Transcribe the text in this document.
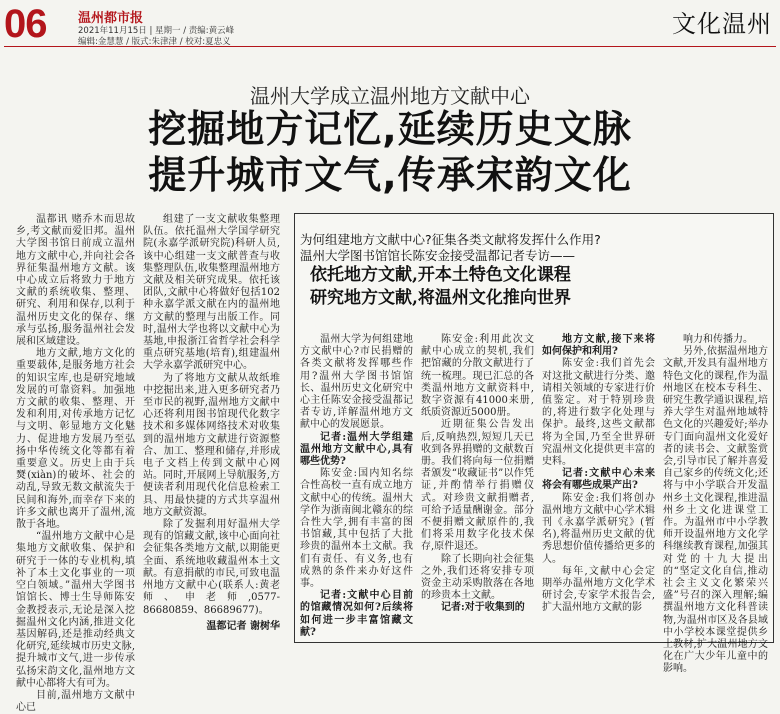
06 温州都市报
2021年11月15日 | 星期一 / 责编:黄云峰
编辑:金慧慧 / 版式:朱津津 / 校对:夏忠义
文化温州
温州大学成立温州地方文献中心
挖掘地方记忆,延续历史文脉
提升城市文气,传承宋韵文化

温都讯 赌乔木而思故乡,考文献而爱旧邦。温州大学图书馆日前成立温州地方文献中心,并向社会各界征集温州地方文献。该中心成立后将致力于地方文献的系统收集、整理、研究、利用和保存,以利于温州历史文化的保存、继承与弘扬,服务温州社会发展和区域建设。

地方文献,地方文化的重要载体,是服务地方社会的知识宝库,也是研究地域发展的可靠资料。加强地方文献的收集、整理、开发和利用,对传承地方记忆与文明、彰显地方文化魅力、促进地方发展乃至弘扬中华传统文化等都有着重要意义。历史上由于兵燹(xiàn)的破坏、社会的动乱,导致无数文献流失于民间和海外,而幸存下来的许多文献也离开了温州,流散于各地。

“温州地方文献中心是集地方文献收集、保护和研究于一体的专业机构,填补了本土文化事业的一项空白领域。”温州大学图书馆馆长、博士生导师陈安金教授表示,无论是深入挖掘温州文化内涵,推进文化基因解码,还是推动经典文化研究,延续城市历史文脉,提升城市文气,进一步传承弘扬宋韵文化,温州地方文献中心都将大有可为。

目前,温州地方文献中心已

组建了一支文献收集整理队伍。依托温州大学国学研究院(永嘉学派研究院)科研人员,该中心组建一支文献普查与收集整理队伍,收集整理温州地方文献及相关研究成果。依托该团队,文献中心将做好包括102种永嘉学派文献在内的温州地方文献的整理与出版工作。同时,温州大学也将以文献中心为基地,申报浙江省哲学社会科学重点研究基地(培育),组建温州大学永嘉学派研究中心。

为了将地方文献从故纸堆中挖掘出来,进入更多研究者乃至市民的视野,温州地方文献中心还将利用图书馆现代化数字技术和多媒体网络技术对收集到的温州地方文献进行资源整合、加工、整理和储存,并形成电子文档上传到文献中心网站。同时,开展网上导航服务,方便读者利用现代化信息检索工具、用最快捷的方式共享温州地方文献资源。

除了发掘利用好温州大学现有的馆藏文献,该中心面向社会征集各类地方文献,以期能更全面、系统地收藏温州本土文献。有意捐献的市民,可致电温州地方文献中心(联系人:黄老师、申老师,0577-86680859、86689677)。

温都记者 谢树华
为何组建地方文献中心?征集各类文献将发挥什么作用?
温州大学图书馆馆长陈安金接受温都记者专访——
依托地方文献,开本土特色文化课程
研究地方文献,将温州文化推向世界

温州大学为何组建地方文献中心?市民捐赠的各类文献将发挥哪些作用?温州大学图书馆馆长、温州历史文化研究中心主任陈安金接受温都记者专访,详解温州地方文献中心的发展愿景。

记者:温州大学组建温州地方文献中心,具有哪些优势?

陈安金:国内知名综合性高校一直有成立地方文献中心的传统。温州大学作为浙南闽北赣东的综合性大学,拥有丰富的图书馆藏,其中包括了大批珍贵的温州本土文献。我们有责任、有义务,也有成熟的条件来办好这件事。

记者:文献中心目前的馆藏情况如何?后续将如何进一步丰富馆藏文献?

陈安金:利用此次文献中心成立的契机,我们把馆藏的分散文献进行了统一梳理。现已汇总的各类温州地方文献资料中,数字资源有41000来册,纸质资源近5000册。

近期征集公告发出后,反响热烈,短短几天已收到各界捐赠的文献数百册。我们将向每一位捐赠者颁发“收藏证书”以作凭证,并酌情举行捐赠仪式。对珍贵文献捐赠者,可给予适量酬谢金。部分不便捐赠文献原件的,我们将采用数字化技术保存,原件退还。

除了长期向社会征集之外,我们还将安排专项资金主动采购散落在各地的珍贵本土文献。

记者:对于收集到的

地方文献,接下来将如何保护和利用?

陈安金:我们首先会对这批文献进行分类、邀请相关领域的专家进行价值鉴定。对于特别珍贵的,将进行数字化处理与保护。最终,这些文献都将为全国,乃至全世界研究温州文化提供更丰富的史料。

记者:文献中心未来将会有哪些成果产出?

陈安金:我们将创办温州地方文献中心学术辑刊《永嘉学派研究》(暂名),将温州历史文献的优秀思想价值传播给更多的人。

每年,文献中心会定期举办温州地方文化学术研讨会,专家学术报告会,扩大温州地方文献的影

响力和传播力。

另外,依据温州地方文献,开发具有温州地方特色文化的课程,作为温州地区在校本专科生、研究生教学通识课程,培养大学生对温州地域特色文化的兴趣爱好;举办专门面向温州文化爱好者的读书会、文献鉴赏会,引导市民了解并喜爱自己家乡的传统文化;还将与中小学联合开发温州乡土文化课程,推进温州乡土文化进课堂工作。为温州市中小学教师开设温州地方文化学科继续教育课程,加强其对党的十九大提出的“坚定文化自信,推动社会主义文化繁荣兴盛”号召的深入理解;编撰温州地方文化科普读物,为温州市区及各县域中小学校本课堂提供乡土教材,扩大温州地方文化在广大少年儿童中的影响。
